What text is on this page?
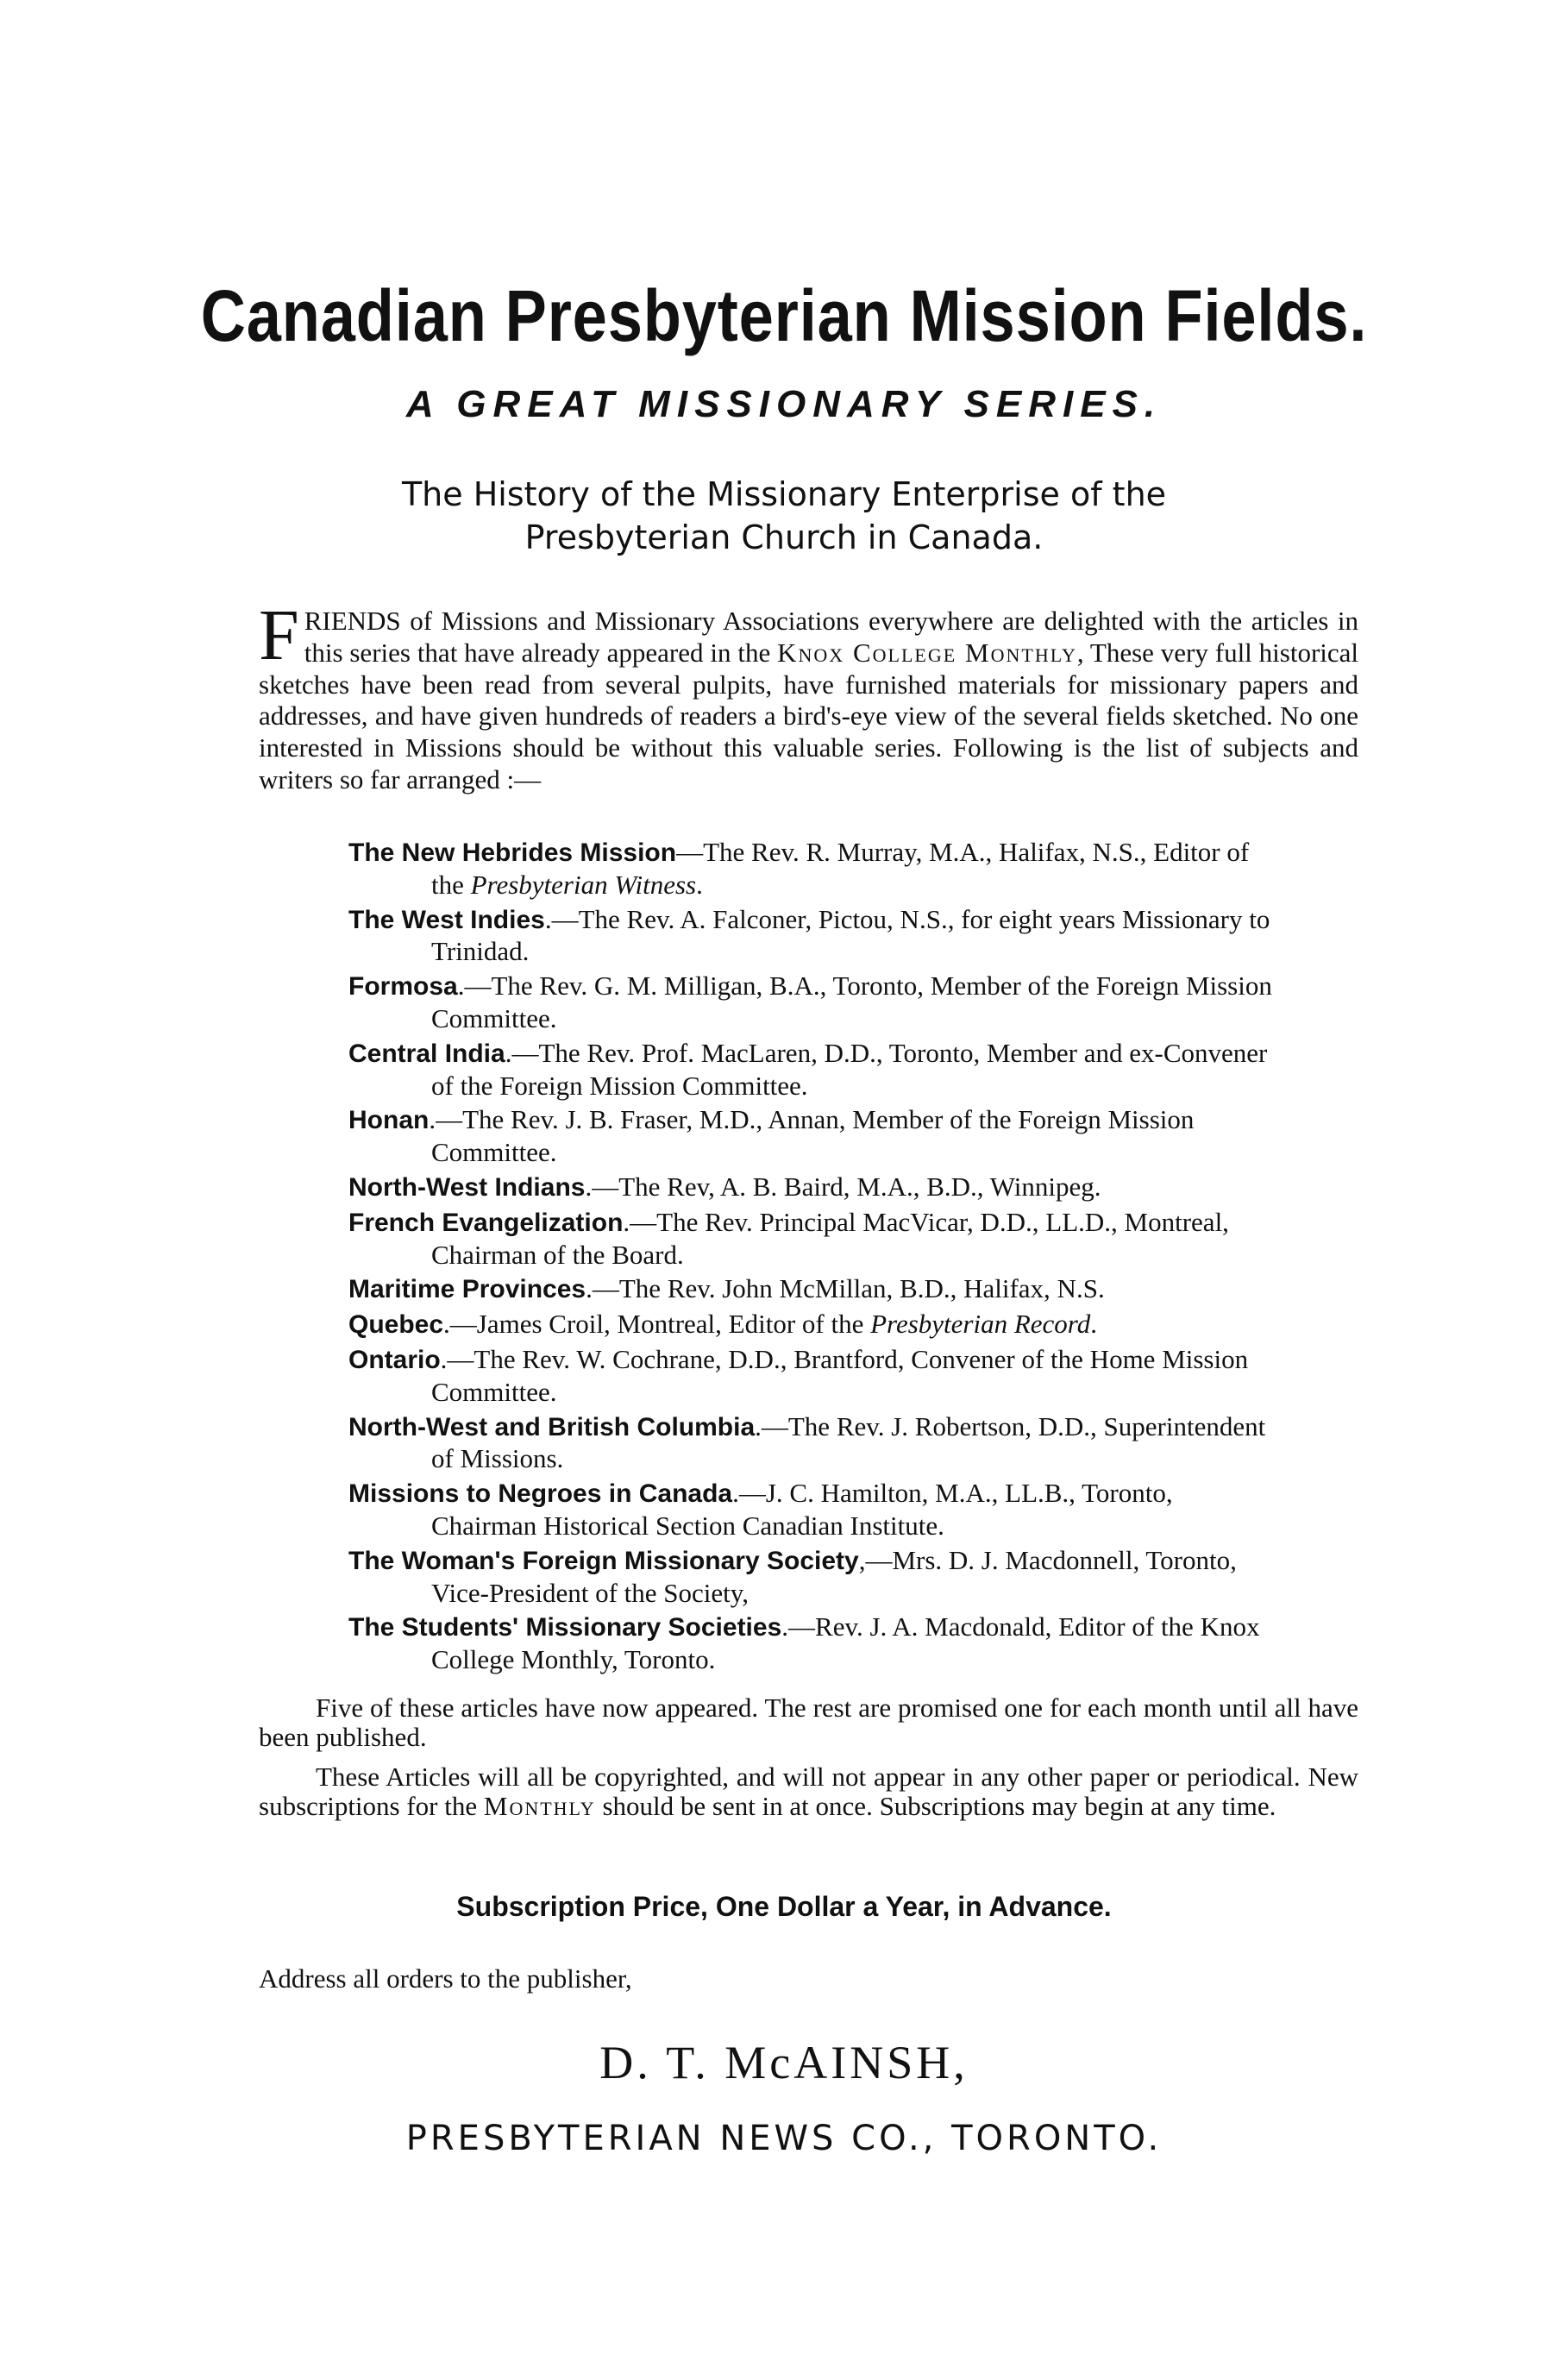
Canadian Presbyterian Mission Fields.
A GREAT MISSIONARY SERIES.
The History of the Missionary Enterprise of the
Presbyterian Church in Canada.
FRIENDS of Missions and Missionary Associations everywhere are delighted with the articles in this series that have already appeared in the Knox College Monthly, These very full historical sketches have been read from several pulpits, have furnished materials for missionary papers and addresses, and have given hundreds of readers a bird's-eye view of the several fields sketched. No one interested in Missions should be without this valuable series. Following is the list of subjects and writers so far arranged :—
The New Hebrides Mission—The Rev. R. Murray, M.A., Halifax, N.S., Editor of the Presbyterian Witness.
The West Indies.—The Rev. A. Falconer, Pictou, N.S., for eight years Missionary to Trinidad.
Formosa.—The Rev. G. M. Milligan, B.A., Toronto, Member of the Foreign Mission Committee.
Central India.—The Rev. Prof. MacLaren, D.D., Toronto, Member and ex-Convener of the Foreign Mission Committee.
Honan.—The Rev. J. B. Fraser, M.D., Annan, Member of the Foreign Mission Committee.
North-West Indians.—The Rev, A. B. Baird, M.A., B.D., Winnipeg.
French Evangelization.—The Rev. Principal MacVicar, D.D., LL.D., Montreal, Chairman of the Board.
Maritime Provinces.—The Rev. John McMillan, B.D., Halifax, N.S.
Quebec.—James Croil, Montreal, Editor of the Presbyterian Record.
Ontario.—The Rev. W. Cochrane, D.D., Brantford, Convener of the Home Mission Committee.
North-West and British Columbia.—The Rev. J. Robertson, D.D., Superintendent of Missions.
Missions to Negroes in Canada.—J. C. Hamilton, M.A., LL.B., Toronto, Chairman Historical Section Canadian Institute.
The Woman's Foreign Missionary Society,—Mrs. D. J. Macdonnell, Toronto, Vice-President of the Society,
The Students' Missionary Societies.—Rev. J. A. Macdonald, Editor of the Knox College Monthly, Toronto.

Five of these articles have now appeared. The rest are promised one for each month until all have been published.

These Articles will all be copyrighted, and will not appear in any other paper or periodical. New subscriptions for the Monthly should be sent in at once. Subscriptions may begin at any time.

Subscription Price, One Dollar a Year, in Advance.
Address all orders to the publisher,
D. T. McAINSH,
PRESBYTERIAN NEWS CO., TORONTO.
